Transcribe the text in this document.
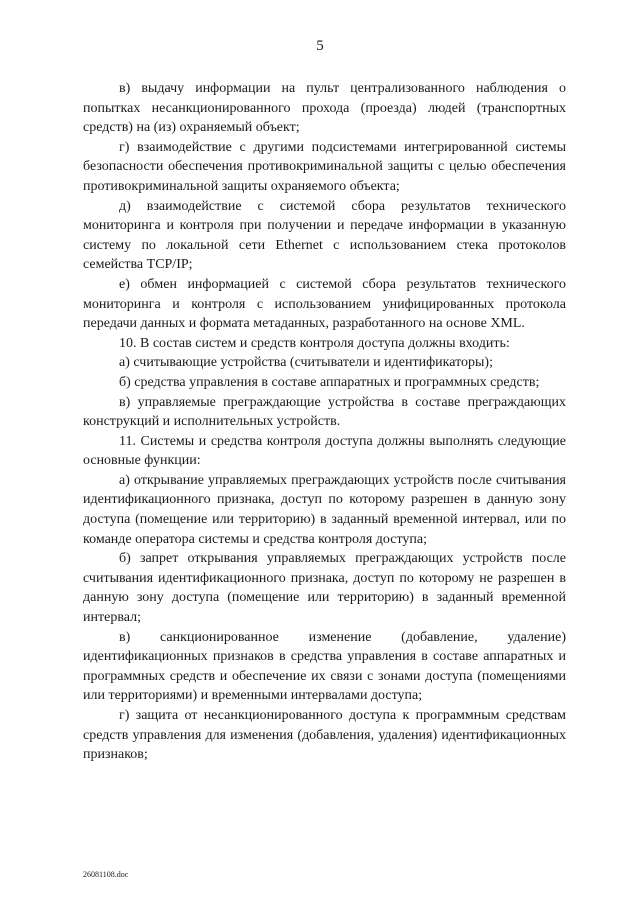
5

в) выдачу информации на пульт централизованного наблюдения о попытках несанкционированного прохода (проезда) людей (транспортных средств) на (из) охраняемый объект;

г) взаимодействие с другими подсистемами интегрированной системы безопасности обеспечения противокриминальной защиты с целью обеспечения противокриминальной защиты охраняемого объекта;

д) взаимодействие с системой сбора результатов технического мониторинга и контроля при получении и передаче информации в указанную систему по локальной сети Ethernet с использованием стека протоколов семейства TCP/IP;

е) обмен информацией с системой сбора результатов технического мониторинга и контроля с использованием унифицированных протокола передачи данных и формата метаданных, разработанного на основе XML.

10. В состав систем и средств контроля доступа должны входить:

а) считывающие устройства (считыватели и идентификаторы);

б) средства управления в составе аппаратных и программных средств;

в) управляемые преграждающие устройства в составе преграждающих конструкций и исполнительных устройств.

11. Системы и средства контроля доступа должны выполнять следующие основные функции:

а) открывание управляемых преграждающих устройств после считывания идентификационного признака, доступ по которому разрешен в данную зону доступа (помещение или территорию) в заданный временной интервал, или по команде оператора системы и средства контроля доступа;

б) запрет открывания управляемых преграждающих устройств после считывания идентификационного признака, доступ по которому не разрешен в данную зону доступа (помещение или территорию) в заданный временной интервал;

в) санкционированное изменение (добавление, удаление) идентификационных признаков в средства управления в составе аппаратных и программных средств и обеспечение их связи с зонами доступа (помещениями или территориями) и временными интервалами доступа;

г) защита от несанкционированного доступа к программным средствам средств управления для изменения (добавления, удаления) идентификационных признаков;

26081108.doc
